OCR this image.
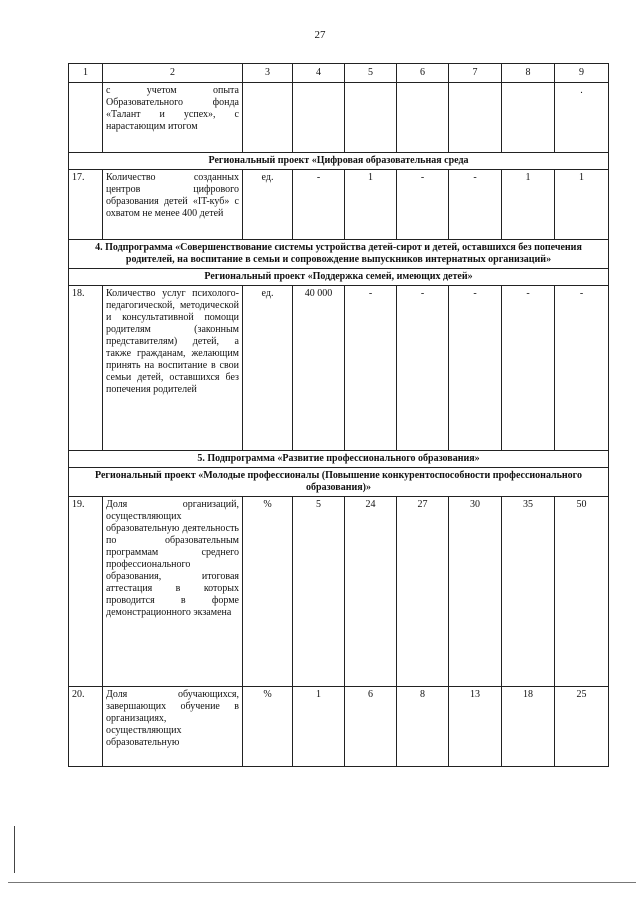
27
1	2	3	4	5	6	7	8	9
	с учетом опыта Образовательного фонда «Талант и успех», с нарастающим итогом							.
Региональный проект «Цифровая образовательная среда								
17.	Количество созданных центров цифрового образования детей «IT-куб» с охватом не менее 400 детей	ед.	-	1	-	-	1	1
4. Подпрограмма «Совершенствование системы устройства детей-сирот и детей, оставшихся без попечения родителей, на воспитание в семьи и сопровождение выпускников интернатных организаций»								
Региональный проект «Поддержка семей, имеющих детей»								
18.	Количество услуг психолого-педагогической, методической и консультативной помощи родителям (законным представителям) детей, а также гражданам, желающим принять на воспитание в свои семьи детей, оставшихся без попечения родителей	ед.	40 000	-	-	-	-	-
5. Подпрограмма «Развитие профессионального образования»								
Региональный проект «Молодые профессионалы (Повышение конкурентоспособности профессионального образования)»								
19.	Доля организаций, осуществляющих образовательную деятельность по образовательным программам среднего профессионального образования, итоговая аттестация в которых проводится в форме демонстрационного экзамена	%	5	24	27	30	35	50
20.	Доля обучающихся, завершающих обучение в организациях, осуществляющих образовательную	%	1	6	8	13	18	25
